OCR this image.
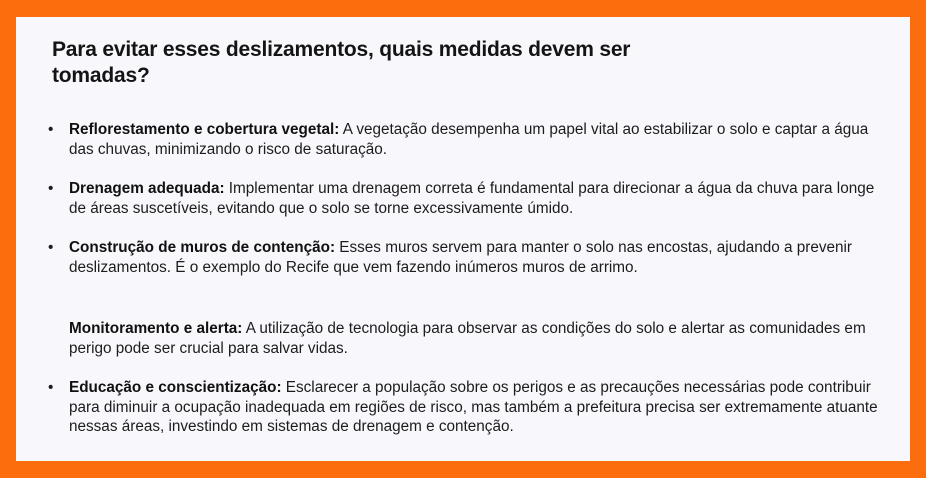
Para evitar esses deslizamentos, quais medidas devem ser tomadas?
•	Reflorestamento e cobertura vegetal: A vegetação desempenha um papel vital ao estabilizar o solo e captar a água das chuvas, minimizando o risco de saturação.
•	Drenagem adequada: Implementar uma drenagem correta é fundamental para direcionar a água da chuva para longe de áreas suscetíveis, evitando que o solo se torne excessivamente úmido.
•	Construção de muros de contenção: Esses muros servem para manter o solo nas encostas, ajudando a prevenir deslizamentos. É o exemplo do Recife que vem fazendo inúmeros muros de arrimo.
Monitoramento e alerta: A utilização de tecnologia para observar as condições do solo e alertar as comunidades em perigo pode ser crucial para salvar vidas.
•	Educação e conscientização: Esclarecer a população sobre os perigos e as precauções necessárias pode contribuir para diminuir a ocupação inadequada em regiões de risco, mas também a prefeitura precisa ser extremamente atuante nessas áreas, investindo em sistemas de drenagem e contenção.
